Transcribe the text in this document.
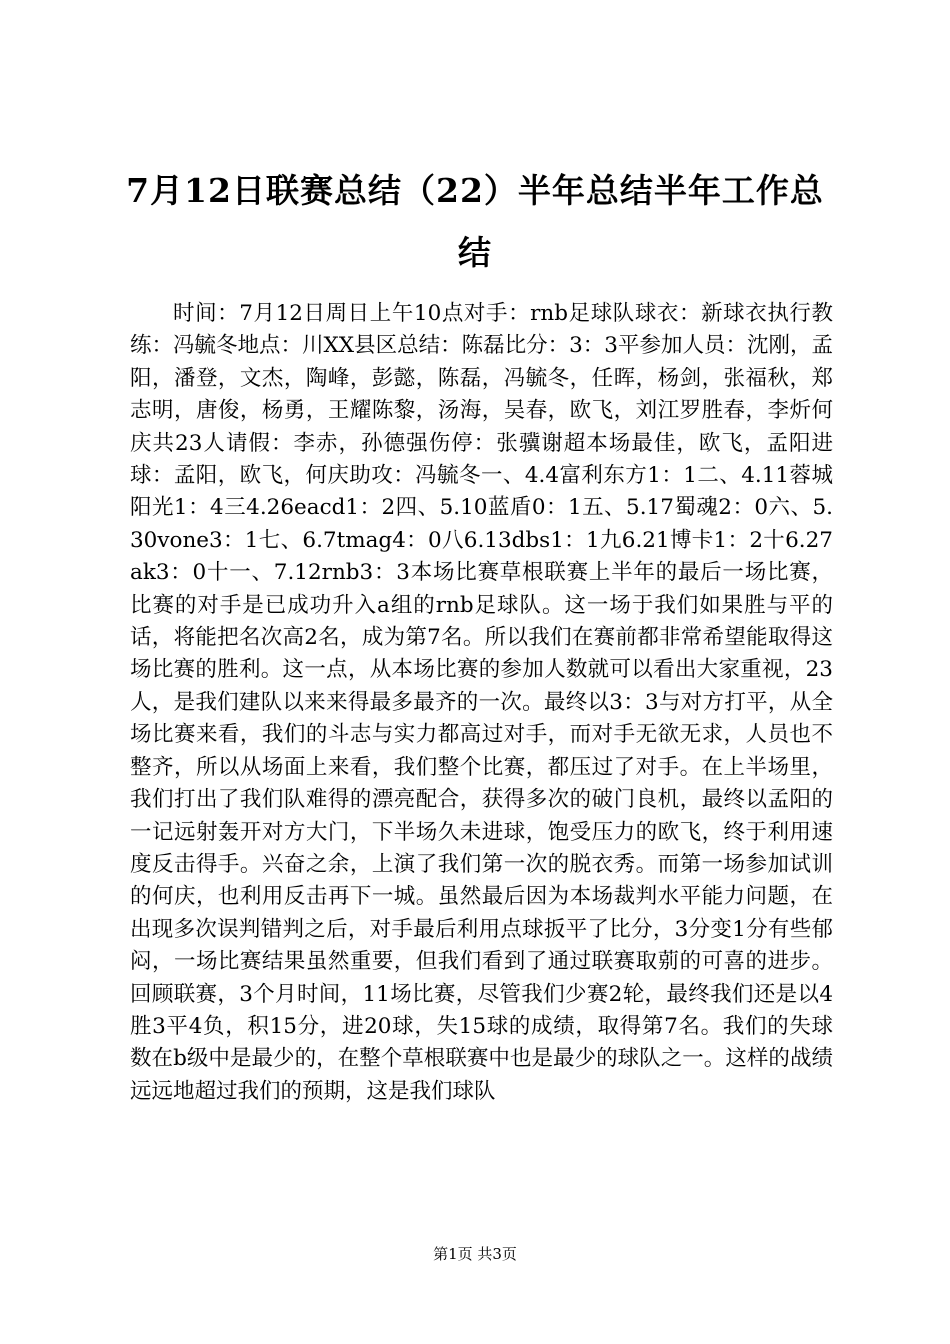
7月12日联赛总结（22）半年总结半年工作总结

时间：7月12日周日上午10点对手：rnb足球队球衣：新球衣执行教练：冯毓冬地点：川XX县区总结：陈磊比分：3：3平参加人员：沈刚，孟阳，潘登，文杰，陶峰，彭懿，陈磊，冯毓冬，任晖，杨剑，张福秋，郑志明，唐俊，杨勇，王耀陈黎，汤海，吴春，欧飞，刘江罗胜春，李炘何庆共23人请假：李赤，孙德强伤停：张骥谢超本场最佳，欧飞，孟阳进球：孟阳，欧飞，何庆助攻：冯毓冬一、4.4富利东方1：1二、4.11蓉城阳光1：4三4.26eacd1：2四、5.10蓝盾0：1五、5.17蜀魂2：0六、5.30vone3：1七、6.7tmag4：0八6.13dbs1：1九6.21博卡1：2十6.27ak3：0十一、7.12rnb3：3本场比赛草根联赛上半年的最后一场比赛，比赛的对手是已成功升入a组的rnb足球队。这一场于我们如果胜与平的话，将能把名次高2名，成为第7名。所以我们在赛前都非常希望能取得这场比赛的胜利。这一点，从本场比赛的参加人数就可以看出大家重视，23人，是我们建队以来来得最多最齐的一次。最终以3：3与对方打平，从全场比赛来看，我们的斗志与实力都高过对手，而对手无欲无求，人员也不整齐，所以从场面上来看，我们整个比赛，都压过了对手。在上半场里，我们打出了我们队难得的漂亮配合，获得多次的破门良机，最终以孟阳的一记远射轰开对方大门，下半场久未进球，饱受压力的欧飞，终于利用速度反击得手。兴奋之余，上演了我们第一次的脱衣秀。而第一场参加试训的何庆，也利用反击再下一城。虽然最后因为本场裁判水平能力问题，在出现多次误判错判之后，对手最后利用点球扳平了比分，3分变1分有些郁闷，一场比赛结果虽然重要，但我们看到了通过联赛取莂的可喜的进步。回顾联赛，3个月时间，11场比赛，尽管我们少赛2轮，最终我们还是以4胜3平4负，积15分，进20球，失15球的成绩，取得第7名。我们的失球数在b级中是最少的，在整个草根联赛中也是最少的球队之一。这样的战绩远远地超过我们的预期，这是我们球队

第1页 共3页
